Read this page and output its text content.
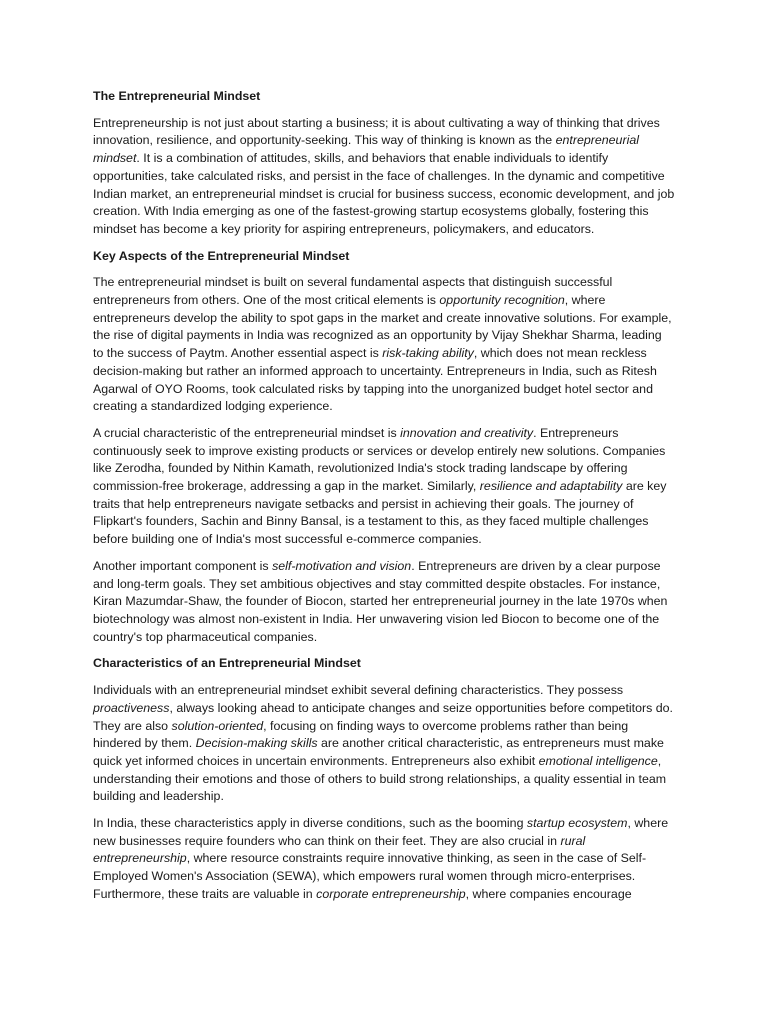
The Entrepreneurial Mindset

Entrepreneurship is not just about starting a business; it is about cultivating a way of thinking that drives innovation, resilience, and opportunity-seeking. This way of thinking is known as the entrepreneurial mindset. It is a combination of attitudes, skills, and behaviors that enable individuals to identify opportunities, take calculated risks, and persist in the face of challenges. In the dynamic and competitive Indian market, an entrepreneurial mindset is crucial for business success, economic development, and job creation. With India emerging as one of the fastest-growing startup ecosystems globally, fostering this mindset has become a key priority for aspiring entrepreneurs, policymakers, and educators.

Key Aspects of the Entrepreneurial Mindset

The entrepreneurial mindset is built on several fundamental aspects that distinguish successful entrepreneurs from others. One of the most critical elements is opportunity recognition, where entrepreneurs develop the ability to spot gaps in the market and create innovative solutions. For example, the rise of digital payments in India was recognized as an opportunity by Vijay Shekhar Sharma, leading to the success of Paytm. Another essential aspect is risk-taking ability, which does not mean reckless decision-making but rather an informed approach to uncertainty. Entrepreneurs in India, such as Ritesh Agarwal of OYO Rooms, took calculated risks by tapping into the unorganized budget hotel sector and creating a standardized lodging experience.

A crucial characteristic of the entrepreneurial mindset is innovation and creativity. Entrepreneurs continuously seek to improve existing products or services or develop entirely new solutions. Companies like Zerodha, founded by Nithin Kamath, revolutionized India's stock trading landscape by offering commission-free brokerage, addressing a gap in the market. Similarly, resilience and adaptability are key traits that help entrepreneurs navigate setbacks and persist in achieving their goals. The journey of Flipkart's founders, Sachin and Binny Bansal, is a testament to this, as they faced multiple challenges before building one of India's most successful e-commerce companies.

Another important component is self-motivation and vision. Entrepreneurs are driven by a clear purpose and long-term goals. They set ambitious objectives and stay committed despite obstacles. For instance, Kiran Mazumdar-Shaw, the founder of Biocon, started her entrepreneurial journey in the late 1970s when biotechnology was almost non-existent in India. Her unwavering vision led Biocon to become one of the country's top pharmaceutical companies.

Characteristics of an Entrepreneurial Mindset

Individuals with an entrepreneurial mindset exhibit several defining characteristics. They possess proactiveness, always looking ahead to anticipate changes and seize opportunities before competitors do. They are also solution-oriented, focusing on finding ways to overcome problems rather than being hindered by them. Decision-making skills are another critical characteristic, as entrepreneurs must make quick yet informed choices in uncertain environments. Entrepreneurs also exhibit emotional intelligence, understanding their emotions and those of others to build strong relationships, a quality essential in team building and leadership.

In India, these characteristics apply in diverse conditions, such as the booming startup ecosystem, where new businesses require founders who can think on their feet. They are also crucial in rural entrepreneurship, where resource constraints require innovative thinking, as seen in the case of Self-Employed Women's Association (SEWA), which empowers rural women through micro-enterprises. Furthermore, these traits are valuable in corporate entrepreneurship, where companies encourage
